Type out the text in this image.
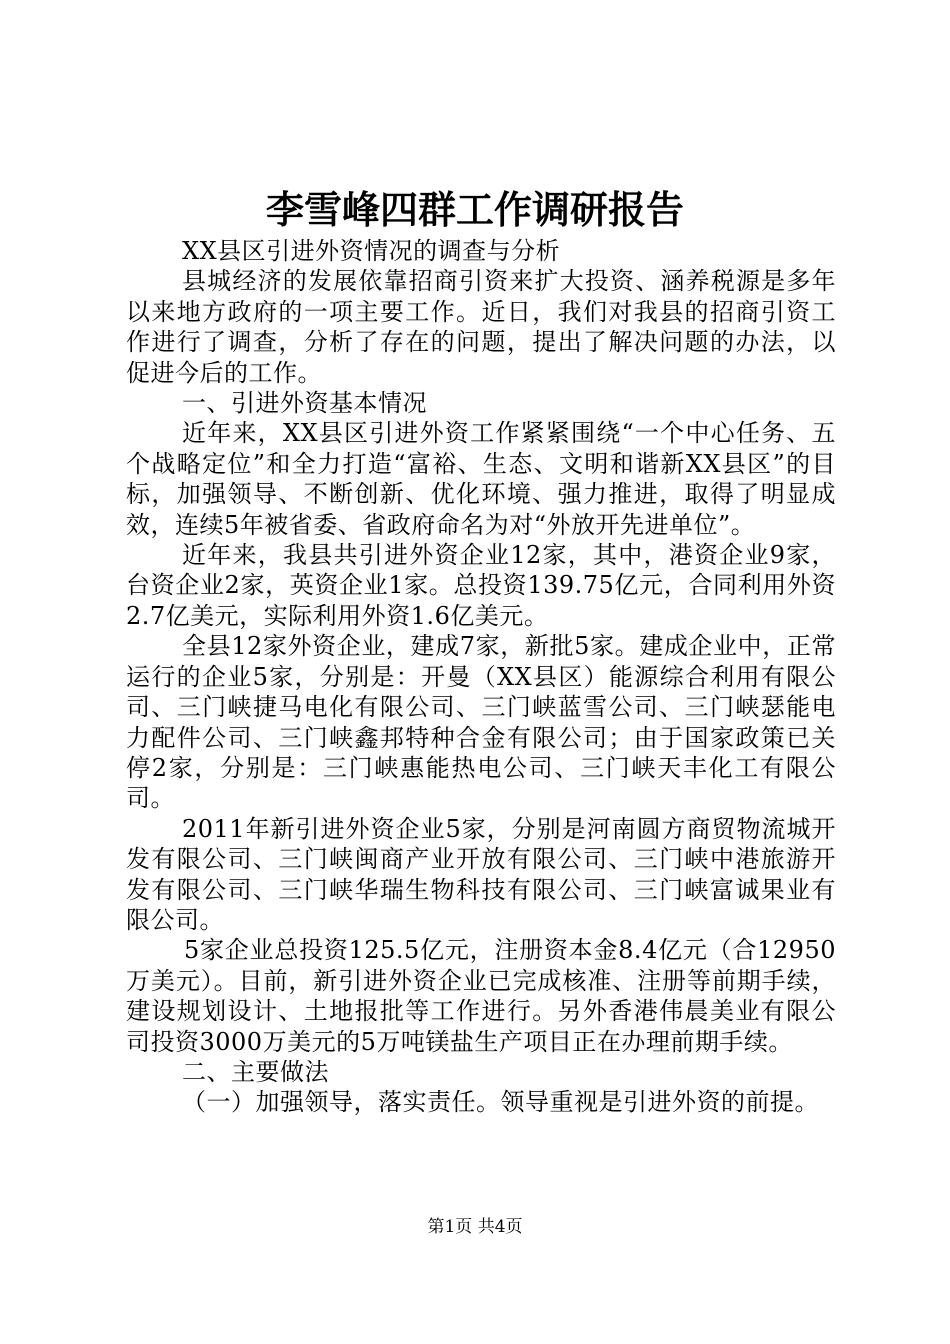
李雪峰四群工作调研报告

XX县区引进外资情况的调查与分析

县城经济的发展依靠招商引资来扩大投资、涵养税源是多年以来地方政府的一项主要工作。近日，我们对我县的招商引资工作进行了调查，分析了存在的问题，提出了解决问题的办法，以促进今后的工作。

一、引进外资基本情况

近年来，XX县区引进外资工作紧紧围绕“一个中心任务、五个战略定位”和全力打造“富裕、生态、文明和谐新XX县区”的目标，加强领导、不断创新、优化环境、强力推进，取得了明显成效，连续5年被省委、省政府命名为对“外放开先进单位”。

近年来，我县共引进外资企业12家，其中，港资企业9家，台资企业2家，英资企业1家。总投资139.75亿元，合同利用外资2.7亿美元，实际利用外资1.6亿美元。

全县12家外资企业，建成7家，新批5家。建成企业中，正常运行的企业5家，分别是：开曼（XX县区）能源综合利用有限公司、三门峡捷马电化有限公司、三门峡蓝雪公司、三门峡瑟能电力配件公司、三门峡鑫邦特种合金有限公司；由于国家政策已关停2家，分别是：三门峡惠能热电公司、三门峡天丰化工有限公司。

2011年新引进外资企业5家，分别是河南圆方商贸物流城开发有限公司、三门峡闽商产业开放有限公司、三门峡中港旅游开发有限公司、三门峡华瑞生物科技有限公司、三门峡富诚果业有限公司。

5家企业总投资125.5亿元，注册资本金8.4亿元（合12950万美元）。目前，新引进外资企业已完成核准、注册等前期手续，建设规划设计、土地报批等工作进行。另外香港伟晨美业有限公司投资3000万美元的5万吨镁盐生产项目正在办理前期手续。

二、主要做法

（一）加强领导，落实责任。领导重视是引进外资的前提。

第1页 共4页
